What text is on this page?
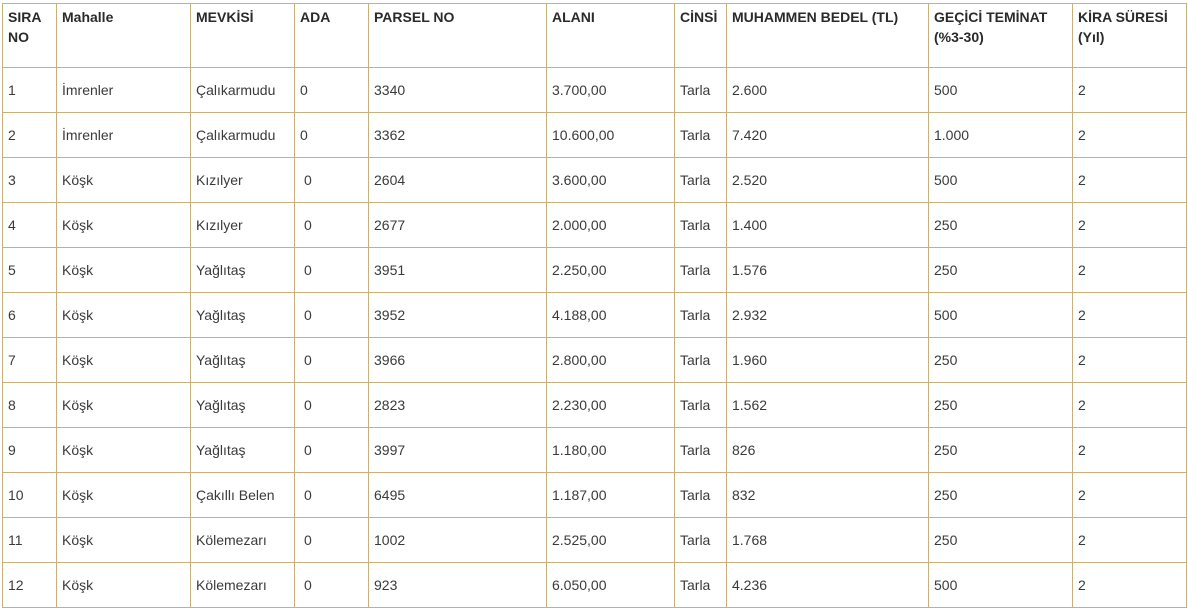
SIRA NO	Mahalle	MEVKİSİ	ADA	PARSEL NO	ALANI	CİNSİ	MUHAMMEN BEDEL (TL)	GEÇİCİ TEMİNAT (%3-30)	KİRA SÜRESİ (Yıl)
1	İmrenler	Çalıkarmudu	0	3340	3.700,00	Tarla	2.600	500	2
2	İmrenler	Çalıkarmudu	0	3362	10.600,00	Tarla	7.420	1.000	2
3	Köşk	Kızılyer	0	2604	3.600,00	Tarla	2.520	500	2
4	Köşk	Kızılyer	0	2677	2.000,00	Tarla	1.400	250	2
5	Köşk	Yağlıtaş	0	3951	2.250,00	Tarla	1.576	250	2
6	Köşk	Yağlıtaş	0	3952	4.188,00	Tarla	2.932	500	2
7	Köşk	Yağlıtaş	0	3966	2.800,00	Tarla	1.960	250	2
8	Köşk	Yağlıtaş	0	2823	2.230,00	Tarla	1.562	250	2
9	Köşk	Yağlıtaş	0	3997	1.180,00	Tarla	826	250	2
10	Köşk	Çakıllı Belen	0	6495	1.187,00	Tarla	832	250	2
11	Köşk	Kölemezarı	0	1002	2.525,00	Tarla	1.768	250	2
12	Köşk	Kölemezarı	0	923	6.050,00	Tarla	4.236	500	2
